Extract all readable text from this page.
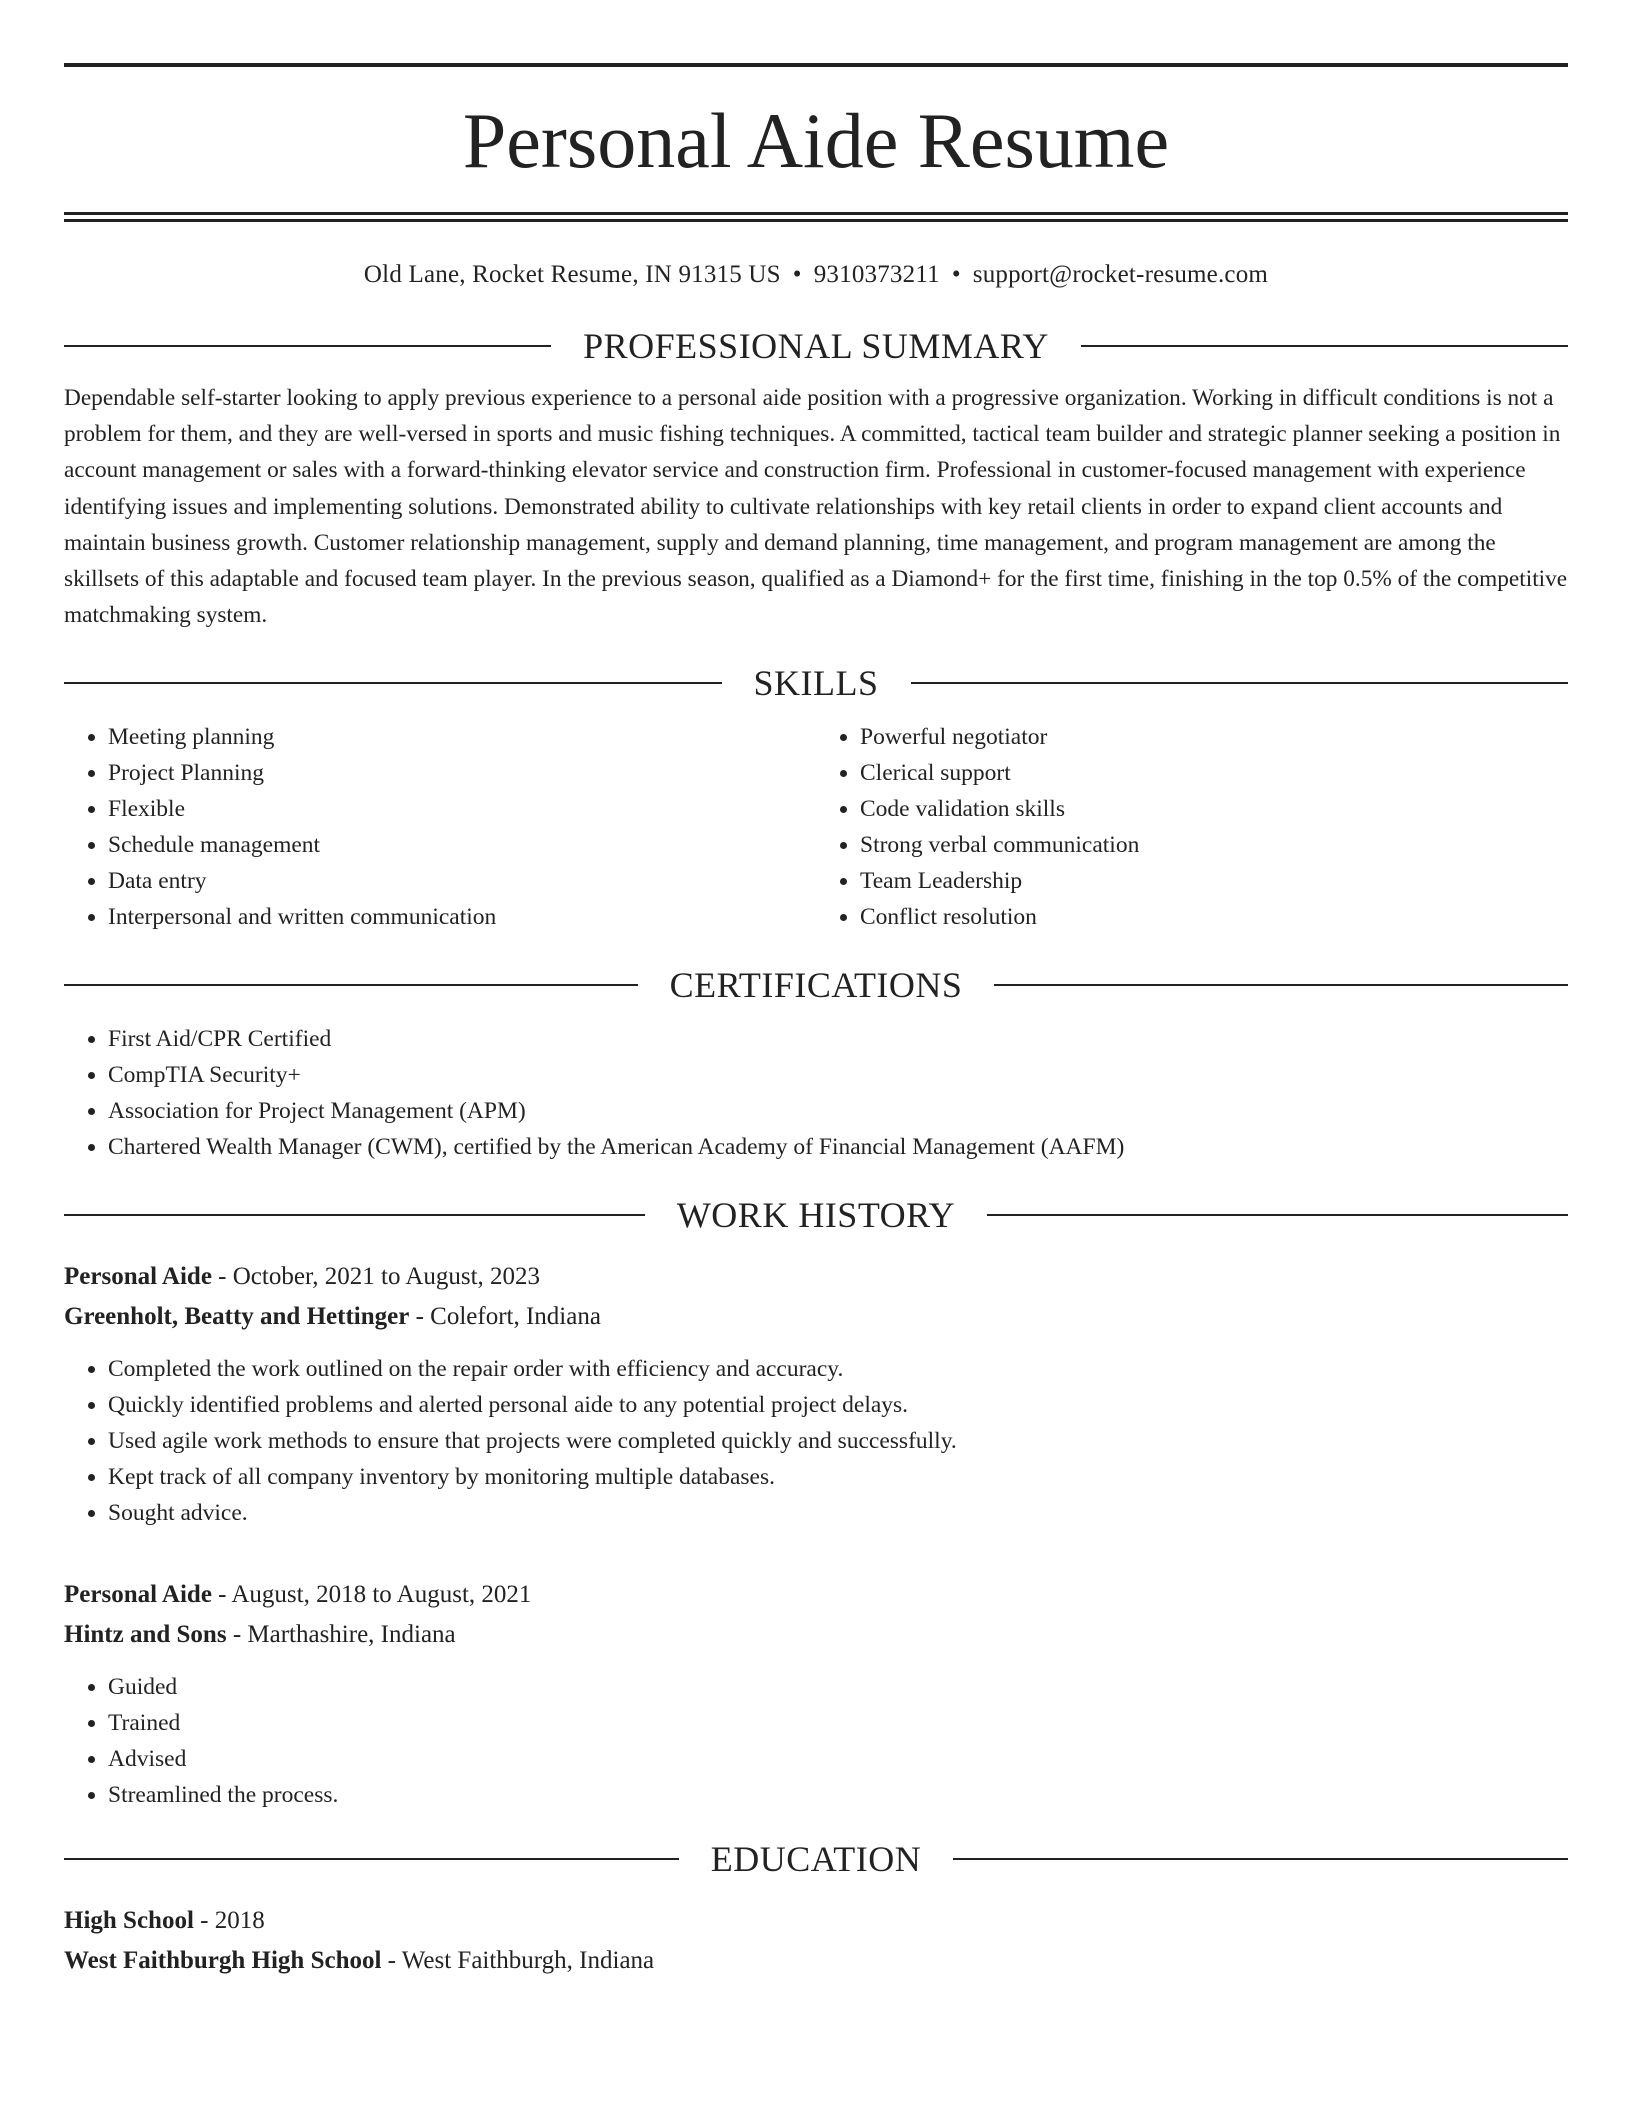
Personal Aide Resume
Old Lane, Rocket Resume, IN 91315 US • 9310373211 • support@rocket-resume.com
PROFESSIONAL SUMMARY

Dependable self-starter looking to apply previous experience to a personal aide position with a progressive organization. Working in difficult conditions is not a problem for them, and they are well-versed in sports and music fishing techniques. A committed, tactical team builder and strategic planner seeking a position in account management or sales with a forward-thinking elevator service and construction firm. Professional in customer-focused management with experience identifying issues and implementing solutions. Demonstrated ability to cultivate relationships with key retail clients in order to expand client accounts and maintain business growth. Customer relationship management, supply and demand planning, time management, and program management are among the skillsets of this adaptable and focused team player. In the previous season, qualified as a Diamond+ for the first time, finishing in the top 0.5% of the competitive matchmaking system.

SKILLS
• Meeting planning
• Project Planning
• Flexible
• Schedule management
• Data entry
• Interpersonal and written communication
• Powerful negotiator
• Clerical support
• Code validation skills
• Strong verbal communication
• Team Leadership
• Conflict resolution
CERTIFICATIONS
• First Aid/CPR Certified
• CompTIA Security+
• Association for Project Management (APM)
• Chartered Wealth Manager (CWM), certified by the American Academy of Financial Management (AAFM)
WORK HISTORY
Personal Aide - October, 2021 to August, 2023
Greenholt, Beatty and Hettinger - Colefort, Indiana
• Completed the work outlined on the repair order with efficiency and accuracy.
• Quickly identified problems and alerted personal aide to any potential project delays.
• Used agile work methods to ensure that projects were completed quickly and successfully.
• Kept track of all company inventory by monitoring multiple databases.
• Sought advice.
Personal Aide - August, 2018 to August, 2021
Hintz and Sons - Marthashire, Indiana
• Guided
• Trained
• Advised
• Streamlined the process.
EDUCATION
High School - 2018
West Faithburgh High School - West Faithburgh, Indiana
